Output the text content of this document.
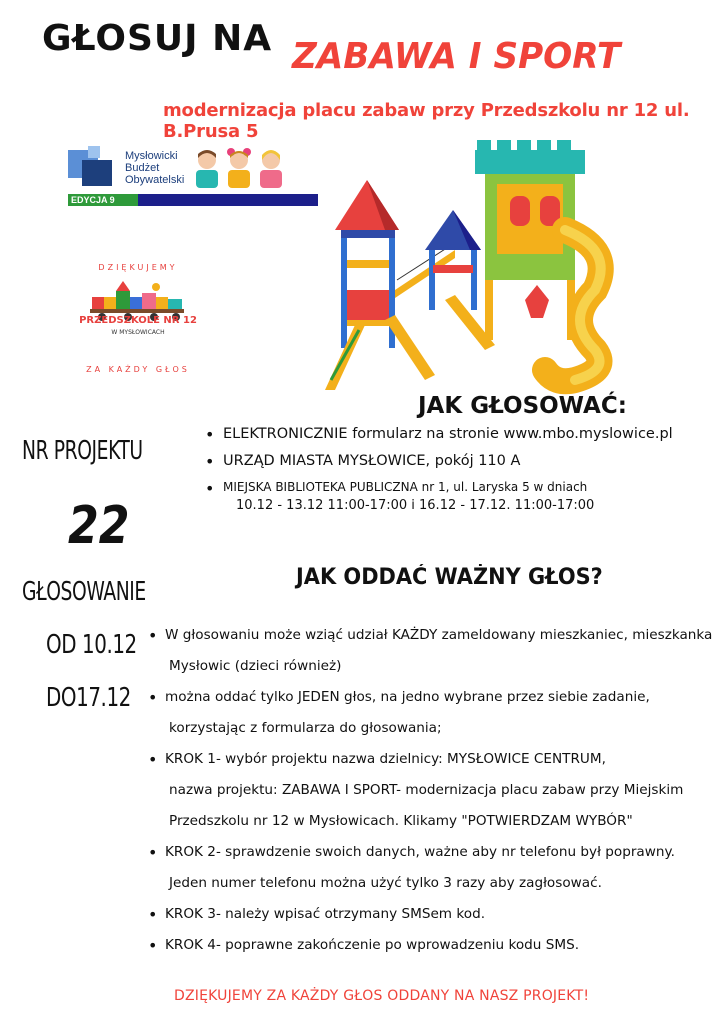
GŁOSUJ NA ZABAWA I SPORT
modernizacja placu zabaw przy Przedszkolu nr 12 ul. B.Prusa 5
Mysłowicki
Budżet
Obywatelski
EDYCJA 9
PRZEDSZKOLE NR 12
W MYSŁOWICACH
DZIĘKUJEMY
ZA KAŻDY GŁOS
JAK GŁOSOWAĆ:
• ELEKTRONICZNIE formularz na stronie www.mbo.myslowice.pl
• URZĄD MIASTA MYSŁOWICE, pokój 110 A
• MIEJSKA BIBLIOTEKA PUBLICZNA nr 1, ul. Laryska 5 w dniach
10.12 - 13.12 11:00-17:00 i 16.12 - 17.12. 11:00-17:00
NR PROJEKTU
22
GŁOSOWANIE
OD 10.12
DO17.12
JAK ODDAĆ WAŻNY GŁOS?
• W głosowaniu może wziąć udział KAŻDY zameldowany mieszkaniec, mieszkanka
Mysłowic (dzieci również)
• można oddać tylko JEDEN głos, na jedno wybrane przez siebie zadanie,
korzystając z formularza do głosowania;
• KROK 1- wybór projektu nazwa dzielnicy: MYSŁOWICE CENTRUM,
nazwa projektu: ZABAWA I SPORT- modernizacja placu zabaw przy Miejskim
Przedszkolu nr 12 w Mysłowicach. Klikamy "POTWIERDZAM WYBÓR"
• KROK 2- sprawdzenie swoich danych, ważne aby nr telefonu był poprawny.
Jeden numer telefonu można użyć tylko 3 razy aby zagłosować.
• KROK 3- należy wpisać otrzymany SMSem kod.
• KROK 4- poprawne zakończenie po wprowadzeniu kodu SMS.
DZIĘKUJEMY ZA KAŻDY GŁOS ODDANY NA NASZ PROJEKT!
